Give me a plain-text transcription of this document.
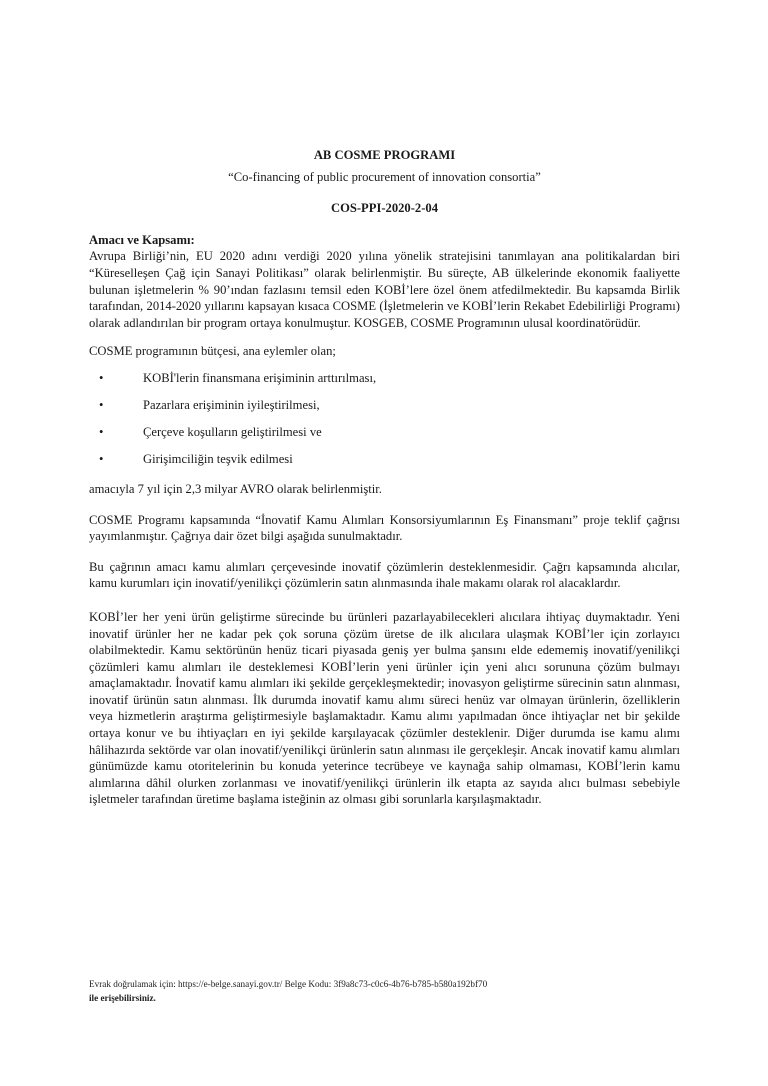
AB COSME PROGRAMI

“Co-financing of public procurement of innovation consortia”

COS-PPI-2020-2-04

Amacı ve Kapsamı:

Avrupa Birliği’nin, EU 2020 adını verdiği 2020 yılına yönelik stratejisini tanımlayan ana politikalardan biri “Küreselleşen Çağ için Sanayi Politikası” olarak belirlenmiştir. Bu süreçte, AB ülkelerinde ekonomik faaliyette bulunan işletmelerin % 90’ından fazlasını temsil eden KOBİ’lere özel önem atfedilmektedir. Bu kapsamda Birlik tarafından, 2014-2020 yıllarını kapsayan kısaca COSME (İşletmelerin ve KOBİ’lerin Rekabet Edebilirliği Programı) olarak adlandırılan bir program ortaya konulmuştur. KOSGEB, COSME Programının ulusal koordinatörüdür.

COSME programının bütçesi, ana eylemler olan;

•	KOBİ'lerin finansmana erişiminin arttırılması,
•	Pazarlara erişiminin iyileştirilmesi,
•	Çerçeve koşulların geliştirilmesi ve
•	Girişimciliğin teşvik edilmesi

amacıyla 7 yıl için 2,3 milyar AVRO olarak belirlenmiştir.

COSME Programı kapsamında “İnovatif Kamu Alımları Konsorsiyumlarının Eş Finansmanı” proje teklif çağrısı yayımlanmıştır. Çağrıya dair özet bilgi aşağıda sunulmaktadır.

Bu çağrının amacı kamu alımları çerçevesinde inovatif çözümlerin desteklenmesidir. Çağrı kapsamında alıcılar, kamu kurumları için inovatif/yenilikçi çözümlerin satın alınmasında ihale makamı olarak rol alacaklardır.

KOBİ’ler her yeni ürün geliştirme sürecinde bu ürünleri pazarlayabilecekleri alıcılara ihtiyaç duymaktadır. Yeni inovatif ürünler her ne kadar pek çok soruna çözüm üretse de ilk alıcılara ulaşmak KOBİ’ler için zorlayıcı olabilmektedir. Kamu sektörünün henüz ticari piyasada geniş yer bulma şansını elde edememiş inovatif/yenilikçi çözümleri kamu alımları ile desteklemesi KOBİ’lerin yeni ürünler için yeni alıcı sorununa çözüm bulmayı amaçlamaktadır. İnovatif kamu alımları iki şekilde gerçekleşmektedir; inovasyon geliştirme sürecinin satın alınması, inovatif ürünün satın alınması. İlk durumda inovatif kamu alımı süreci henüz var olmayan ürünlerin, özelliklerin veya hizmetlerin araştırma geliştirmesiyle başlamaktadır. Kamu alımı yapılmadan önce ihtiyaçlar net bir şekilde ortaya konur ve bu ihtiyaçları en iyi şekilde karşılayacak çözümler desteklenir. Diğer durumda ise kamu alımı hâlihazırda sektörde var olan inovatif/yenilikçi ürünlerin satın alınması ile gerçekleşir. Ancak inovatif kamu alımları günümüzde kamu otoritelerinin bu konuda yeterince tecrübeye ve kaynağa sahip olmaması, KOBİ’lerin kamu alımlarına dâhil olurken zorlanması ve inovatif/yenilikçi ürünlerin ilk etapta az sayıda alıcı bulması sebebiyle işletmeler tarafından üretime başlama isteğinin az olması gibi sorunlarla karşılaşmaktadır.

Evrak doğrulamak için: https://e-belge.sanayi.gov.tr/ Belge Kodu: 3f9a8c73-c0c6-4b76-b785-b580a192bf70
ile erişebilirsiniz.
